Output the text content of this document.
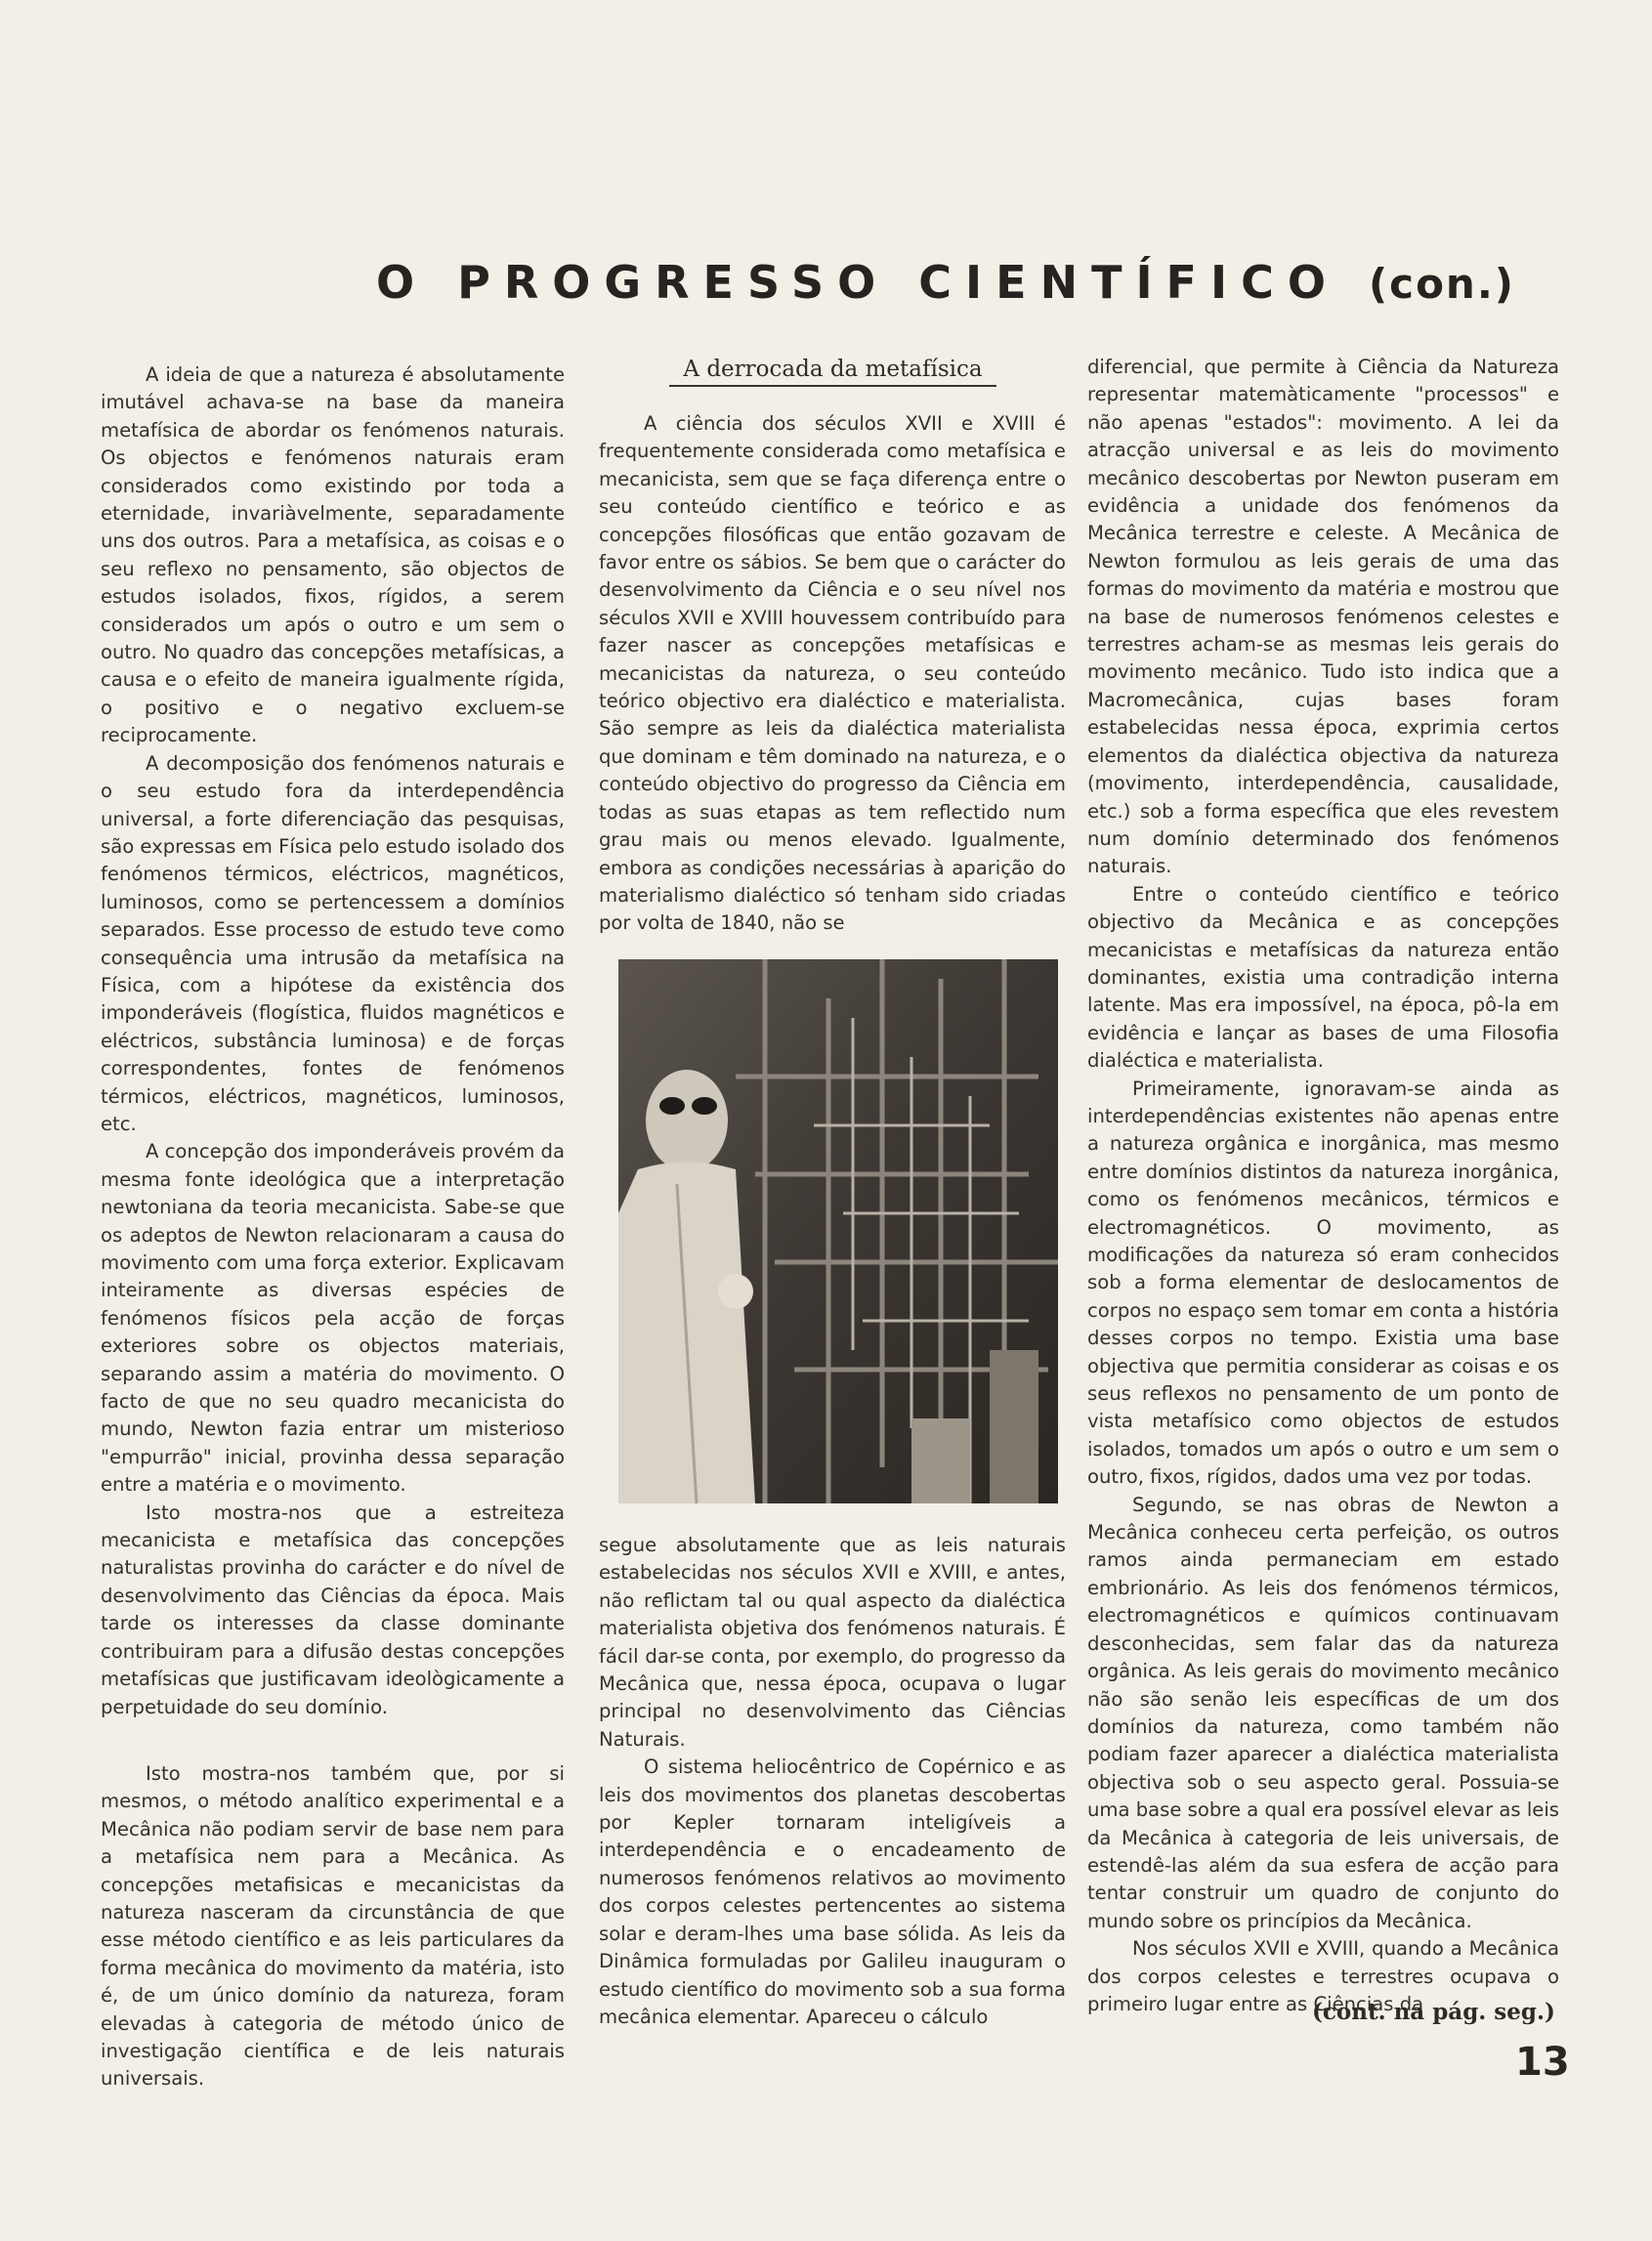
O PROGRESSO CIENTÍFICO (con.)

A ideia de que a natureza é absolutamente imutável achava-se na base da maneira metafísica de abordar os fenómenos naturais. Os objectos e fenómenos naturais eram considerados como existindo por toda a eternidade, invariàvelmente, separadamente uns dos outros. Para a metafísica, as coisas e o seu reflexo no pensamento, são objectos de estudos isolados, fixos, rígidos, a serem considerados um após o outro e um sem o outro. No quadro das concepções metafísicas, a causa e o efeito de maneira igualmente rígida, o positivo e o negativo excluem-se reciprocamente.

A decomposição dos fenómenos naturais e o seu estudo fora da interdependência universal, a forte diferenciação das pesquisas, são expressas em Física pelo estudo isolado dos fenómenos térmicos, eléctricos, magnéticos, luminosos, como se pertencessem a domínios separados. Esse processo de estudo teve como consequência uma intrusão da metafísica na Física, com a hipótese da existência dos imponderáveis (flogística, fluidos magnéticos e eléctricos, substância luminosa) e de forças correspondentes, fontes de fenómenos térmicos, eléctricos, magnéticos, luminosos, etc.

A concepção dos imponderáveis provém da mesma fonte ideológica que a interpretação newtoniana da teoria mecanicista. Sabe-se que os adeptos de Newton relacionaram a causa do movimento com uma força exterior. Explicavam inteiramente as diversas espécies de fenómenos físicos pela acção de forças exteriores sobre os objectos materiais, separando assim a matéria do movimento. O facto de que no seu quadro mecanicista do mundo, Newton fazia entrar um misterioso "empurrão" inicial, provinha dessa separação entre a matéria e o movimento.

Isto mostra-nos que a estreiteza mecanicista e metafísica das concepções naturalistas provinha do carácter e do nível de desenvolvimento das Ciências da época. Mais tarde os interesses da classe dominante contribuiram para a difusão destas concepções metafísicas que justificavam ideològicamente a perpetuidade do seu domínio.

Isto mostra-nos também que, por si mesmos, o método analítico experimental e a Mecânica não podiam servir de base nem para a metafísica nem para a Mecânica. As concepções metafisicas e mecanicistas da natureza nasceram da circunstância de que esse método científico e as leis particulares da forma mecânica do movimento da matéria, isto é, de um único domínio da natureza, foram elevadas à categoria de método único de investigação científica e de leis naturais universais.

A derrocada da metafísica

A ciência dos séculos XVII e XVIII é frequentemente considerada como metafísica e mecanicista, sem que se faça diferença entre o seu conteúdo científico e teórico e as concepções filosóficas que então gozavam de favor entre os sábios. Se bem que o carácter do desenvolvimento da Ciência e o seu nível nos séculos XVII e XVIII houvessem contribuído para fazer nascer as concepções metafísicas e mecanicistas da natureza, o seu conteúdo teórico objectivo era dialéctico e materialista. São sempre as leis da dialéctica materialista que dominam e têm dominado na natureza, e o conteúdo objectivo do progresso da Ciência em todas as suas etapas as tem reflectido num grau mais ou menos elevado. Igualmente, embora as condições necessárias à aparição do materialismo dialéctico só tenham sido criadas por volta de 1840, não se

segue absolutamente que as leis naturais estabelecidas nos séculos XVII e XVIII, e antes, não reflictam tal ou qual aspecto da dialéctica materialista objetiva dos fenómenos naturais. É fácil dar-se conta, por exemplo, do progresso da Mecânica que, nessa época, ocupava o lugar principal no desenvolvimento das Ciências Naturais.

O sistema heliocêntrico de Copérnico e as leis dos movimentos dos planetas descobertas por Kepler tornaram inteligíveis a interdependência e o encadeamento de numerosos fenómenos relativos ao movimento dos corpos celestes pertencentes ao sistema solar e deram-lhes uma base sólida. As leis da Dinâmica formuladas por Galileu inauguram o estudo científico do movimento sob a sua forma mecânica elementar. Apareceu o cálculo

diferencial, que permite à Ciência da Natureza representar matemàticamente "processos" e não apenas "estados": movimento. A lei da atracção universal e as leis do movimento mecânico descobertas por Newton puseram em evidência a unidade dos fenómenos da Mecânica terrestre e celeste. A Mecânica de Newton formulou as leis gerais de uma das formas do movimento da matéria e mostrou que na base de numerosos fenómenos celestes e terrestres acham-se as mesmas leis gerais do movimento mecânico. Tudo isto indica que a Macromecânica, cujas bases foram estabelecidas nessa época, exprimia certos elementos da dialéctica objectiva da natureza (movimento, interdependência, causalidade, etc.) sob a forma específica que eles revestem num domínio determinado dos fenómenos naturais.

Entre o conteúdo científico e teórico objectivo da Mecânica e as concepções mecanicistas e metafísicas da natureza então dominantes, existia uma contradição interna latente. Mas era impossível, na época, pô-la em evidência e lançar as bases de uma Filosofia dialéctica e materialista.

Primeiramente, ignoravam-se ainda as interdependências existentes não apenas entre a natureza orgânica e inorgânica, mas mesmo entre domínios distintos da natureza inorgânica, como os fenómenos mecânicos, térmicos e electromagnéticos. O movimento, as modificações da natureza só eram conhecidos sob a forma elementar de deslocamentos de corpos no espaço sem tomar em conta a história desses corpos no tempo. Existia uma base objectiva que permitia considerar as coisas e os seus reflexos no pensamento de um ponto de vista metafísico como objectos de estudos isolados, tomados um após o outro e um sem o outro, fixos, rígidos, dados uma vez por todas.

Segundo, se nas obras de Newton a Mecânica conheceu certa perfeição, os outros ramos ainda permaneciam em estado embrionário. As leis dos fenómenos térmicos, electromagnéticos e químicos continuavam desconhecidas, sem falar das da natureza orgânica. As leis gerais do movimento mecânico não são senão leis específicas de um dos domínios da natureza, como também não podiam fazer aparecer a dialéctica materialista objectiva sob o seu aspecto geral. Possuia-se uma base sobre a qual era possível elevar as leis da Mecânica à categoria de leis universais, de estendê-las além da sua esfera de acção para tentar construir um quadro de conjunto do mundo sobre os princípios da Mecânica.

Nos séculos XVII e XVIII, quando a Mecânica dos corpos celestes e terrestres ocupava o primeiro lugar entre as Ciências da

(cont. na pág. seg.)
13
